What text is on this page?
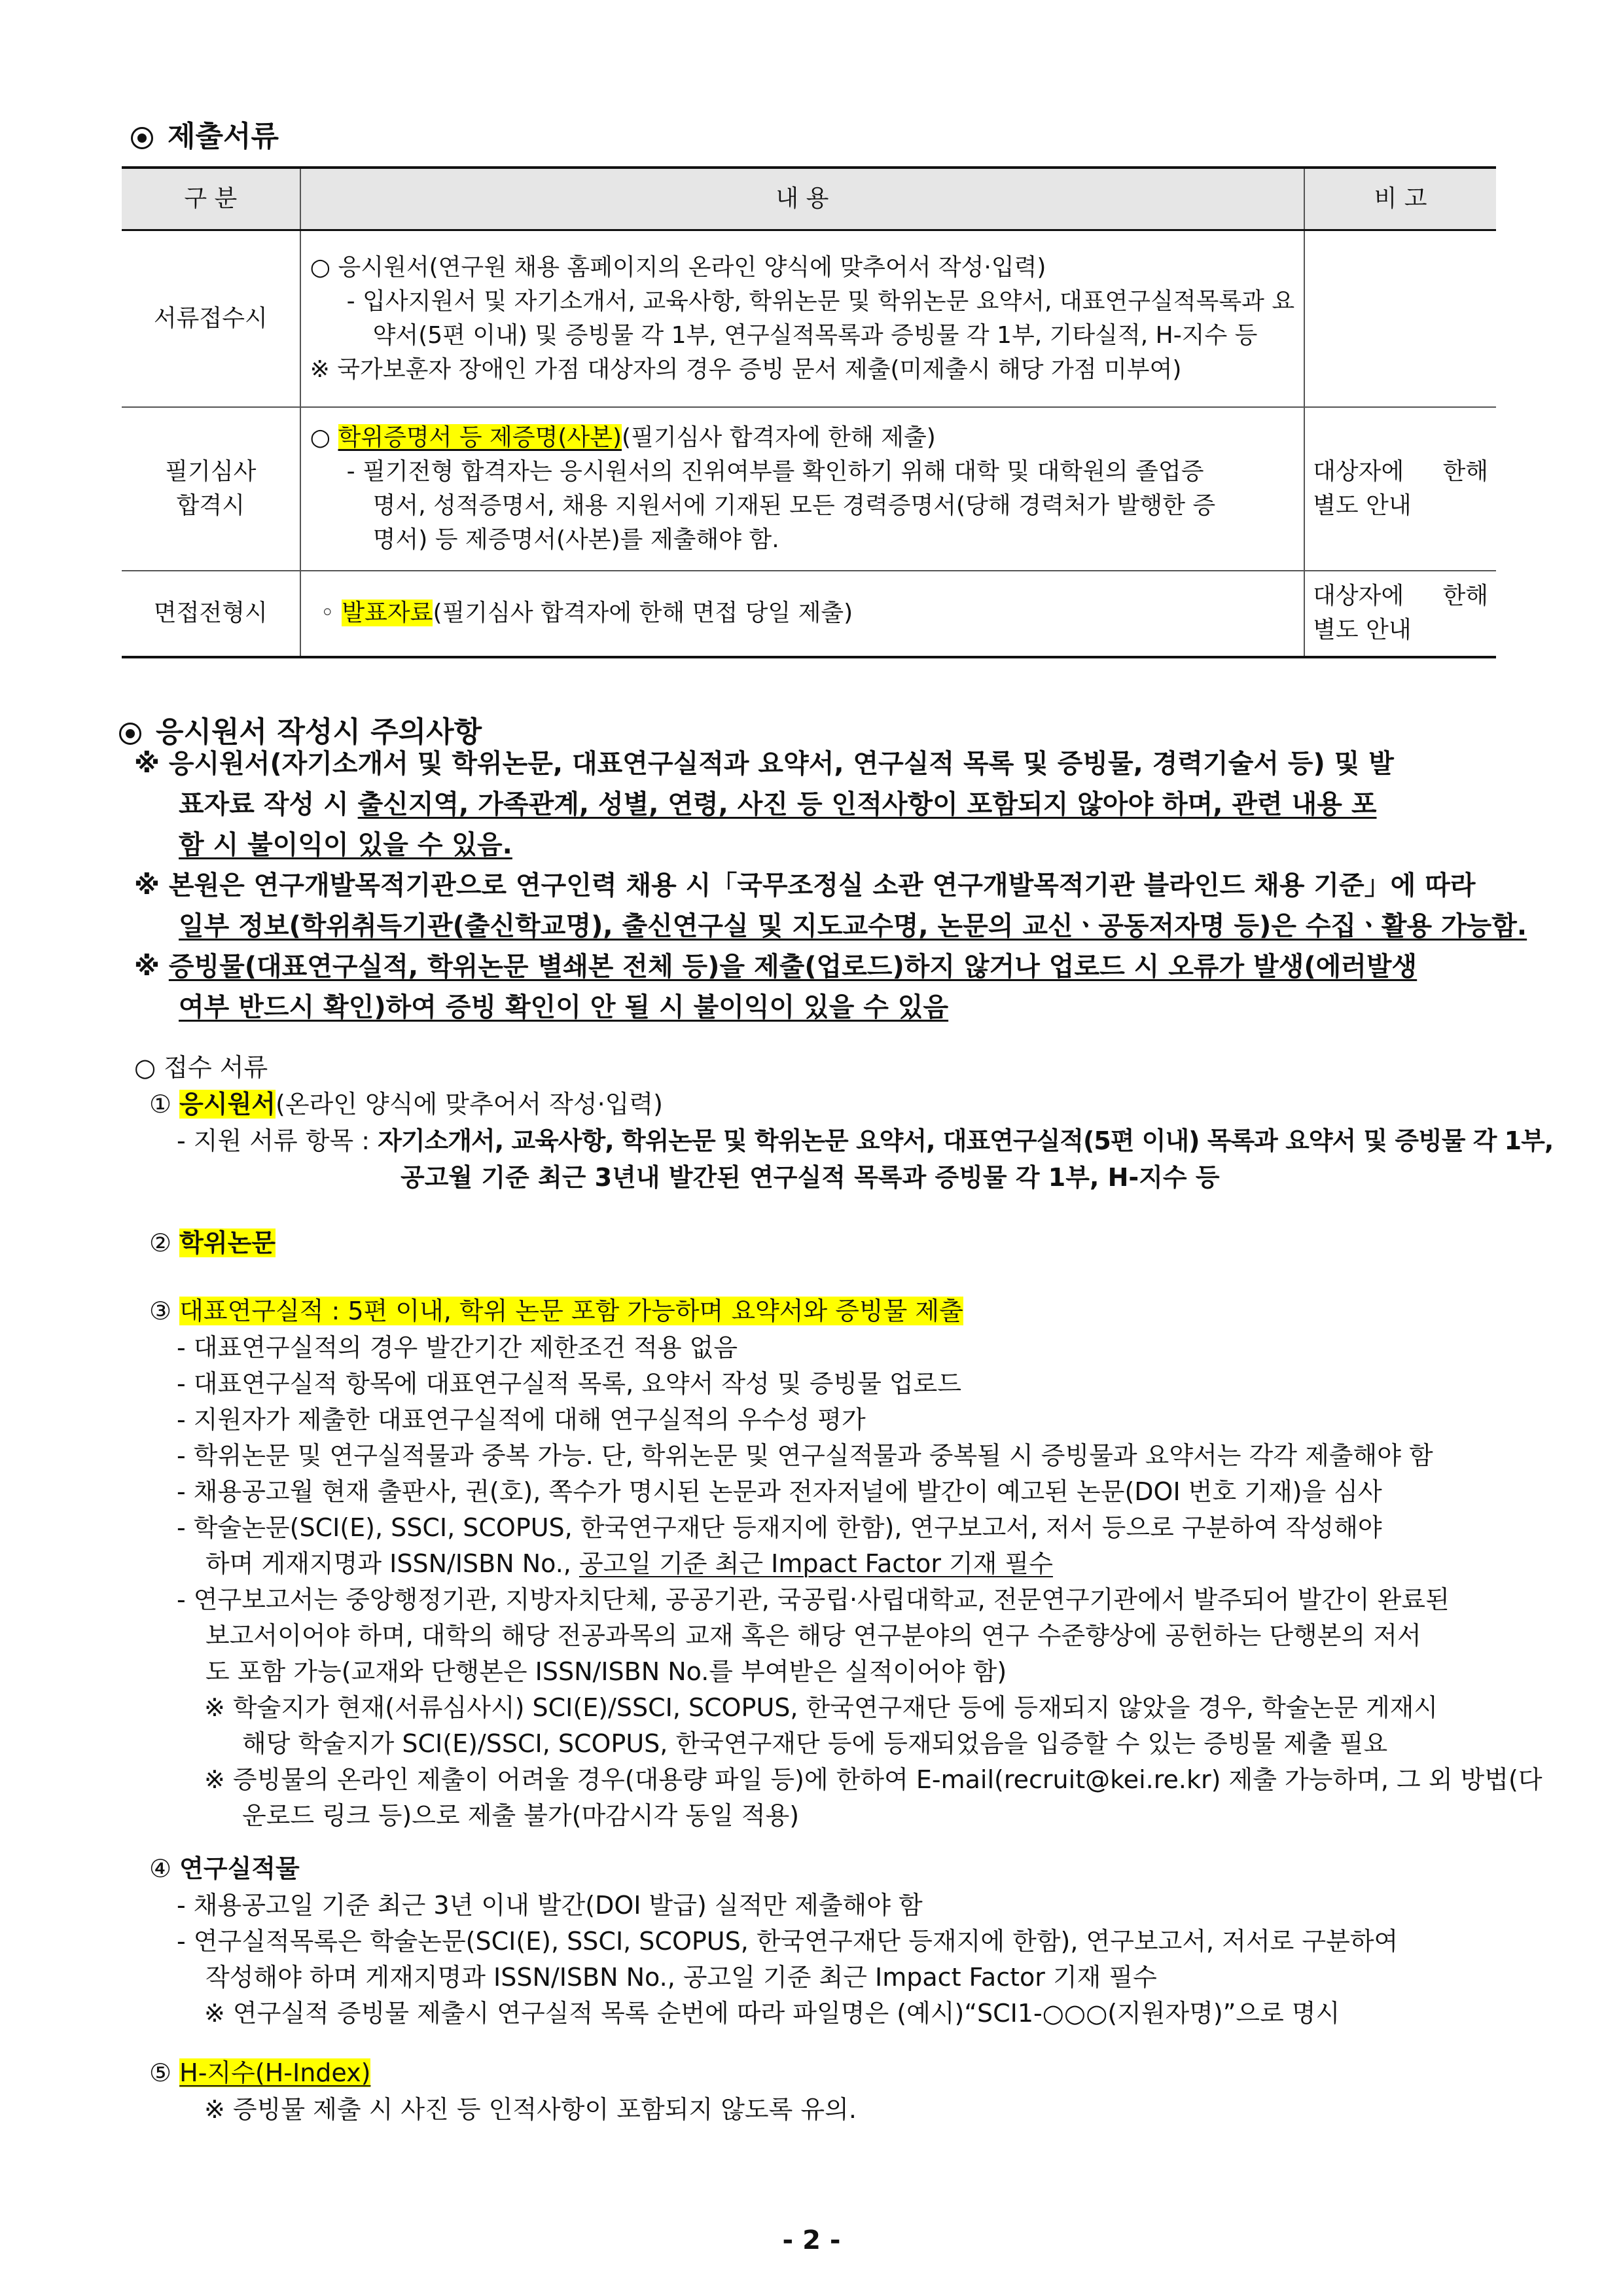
제출서류
구 분	내 용	비 고
서류접수시	○ 응시원서(연구원 채용 홈페이지의 온라인 양식에 맞추어서 작성·입력)
- 입사지원서 및 자기소개서, 교육사항, 학위논문 및 학위논문 요약서, 대표연구실적목록과 요
약서(5편 이내) 및 증빙물 각 1부, 연구실적목록과 증빙물 각 1부, 기타실적, H-지수 등
※ 국가보훈자 장애인 가점 대상자의 경우 증빙 문서 제출(미제출시 해당 가점 미부여)	

필기심사
합격시	○ 학위증명서 등 제증명(사본)(필기심사 합격자에 한해 제출)
- 필기전형 합격자는 응시원서의 진위여부를 확인하기 위해 대학 및 대학원의 졸업증
명서, 성적증명서, 채용 지원서에 기재된 모든 경력증명서(당해 경력처가 발행한 증
명서) 등 제증명서(사본)를 제출해야 함.	대상자에 한해
별도 안내

면접전형시	◦ 발표자료(필기심사 합격자에 한해 면접 당일 제출)	대상자에 한해
별도 안내
응시원서 작성시 주의사항
※ 응시원서(자기소개서 및 학위논문, 대표연구실적과 요약서, 연구실적 목록 및 증빙물, 경력기술서 등) 및 발
표자료 작성 시 출신지역, 가족관계, 성별, 연령, 사진 등 인적사항이 포함되지 않아야 하며, 관련 내용 포
함 시 불이익이 있을 수 있음.
※ 본원은 연구개발목적기관으로 연구인력 채용 시「국무조정실 소관 연구개발목적기관 블라인드 채용 기준」에 따라
일부 정보(학위취득기관(출신학교명), 출신연구실 및 지도교수명, 논문의 교신ㆍ공동저자명 등)은 수집ㆍ활용 가능함.
※ 증빙물(대표연구실적, 학위논문 별쇄본 전체 등)을 제출(업로드)하지 않거나 업로드 시 오류가 발생(에러발생
여부 반드시 확인)하여 증빙 확인이 안 될 시 불이익이 있을 수 있음
○ 접수 서류
① 응시원서(온라인 양식에 맞추어서 작성·입력)
- 지원 서류 항목 : 자기소개서, 교육사항, 학위논문 및 학위논문 요약서, 대표연구실적(5편 이내) 목록과 요약서 및 증빙물 각 1부,
공고월 기준 최근 3년내 발간된 연구실적 목록과 증빙물 각 1부, H-지수 등
② 학위논문
③ 대표연구실적 : 5편 이내, 학위 논문 포함 가능하며 요약서와 증빙물 제출
- 대표연구실적의 경우 발간기간 제한조건 적용 없음
- 대표연구실적 항목에 대표연구실적 목록, 요약서 작성 및 증빙물 업로드
- 지원자가 제출한 대표연구실적에 대해 연구실적의 우수성 평가
- 학위논문 및 연구실적물과 중복 가능. 단, 학위논문 및 연구실적물과 중복될 시 증빙물과 요약서는 각각 제출해야 함
- 채용공고월 현재 출판사, 권(호), 쪽수가 명시된 논문과 전자저널에 발간이 예고된 논문(DOI 번호 기재)을 심사
- 학술논문(SCI(E), SSCI, SCOPUS, 한국연구재단 등재지에 한함), 연구보고서, 저서 등으로 구분하여 작성해야
하며 게재지명과 ISSN/ISBN No., 공고일 기준 최근 Impact Factor 기재 필수
- 연구보고서는 중앙행정기관, 지방자치단체, 공공기관, 국공립·사립대학교, 전문연구기관에서 발주되어 발간이 완료된
보고서이어야 하며, 대학의 해당 전공과목의 교재 혹은 해당 연구분야의 연구 수준향상에 공헌하는 단행본의 저서
도 포함 가능(교재와 단행본은 ISSN/ISBN No.를 부여받은 실적이어야 함)
※ 학술지가 현재(서류심사시) SCI(E)/SSCI, SCOPUS, 한국연구재단 등에 등재되지 않았을 경우, 학술논문 게재시
해당 학술지가 SCI(E)/SSCI, SCOPUS, 한국연구재단 등에 등재되었음을 입증할 수 있는 증빙물 제출 필요
※ 증빙물의 온라인 제출이 어려울 경우(대용량 파일 등)에 한하여 E-mail(recruit@kei.re.kr) 제출 가능하며, 그 외 방법(다
운로드 링크 등)으로 제출 불가(마감시각 동일 적용)
④ 연구실적물
- 채용공고일 기준 최근 3년 이내 발간(DOI 발급) 실적만 제출해야 함
- 연구실적목록은 학술논문(SCI(E), SSCI, SCOPUS, 한국연구재단 등재지에 한함), 연구보고서, 저서로 구분하여
작성해야 하며 게재지명과 ISSN/ISBN No., 공고일 기준 최근 Impact Factor 기재 필수
※ 연구실적 증빙물 제출시 연구실적 목록 순번에 따라 파일명은 (예시)“SCI1-○○○(지원자명)”으로 명시
⑤ H-지수(H-Index)
※ 증빙물 제출 시 사진 등 인적사항이 포함되지 않도록 유의.
- 2 -
